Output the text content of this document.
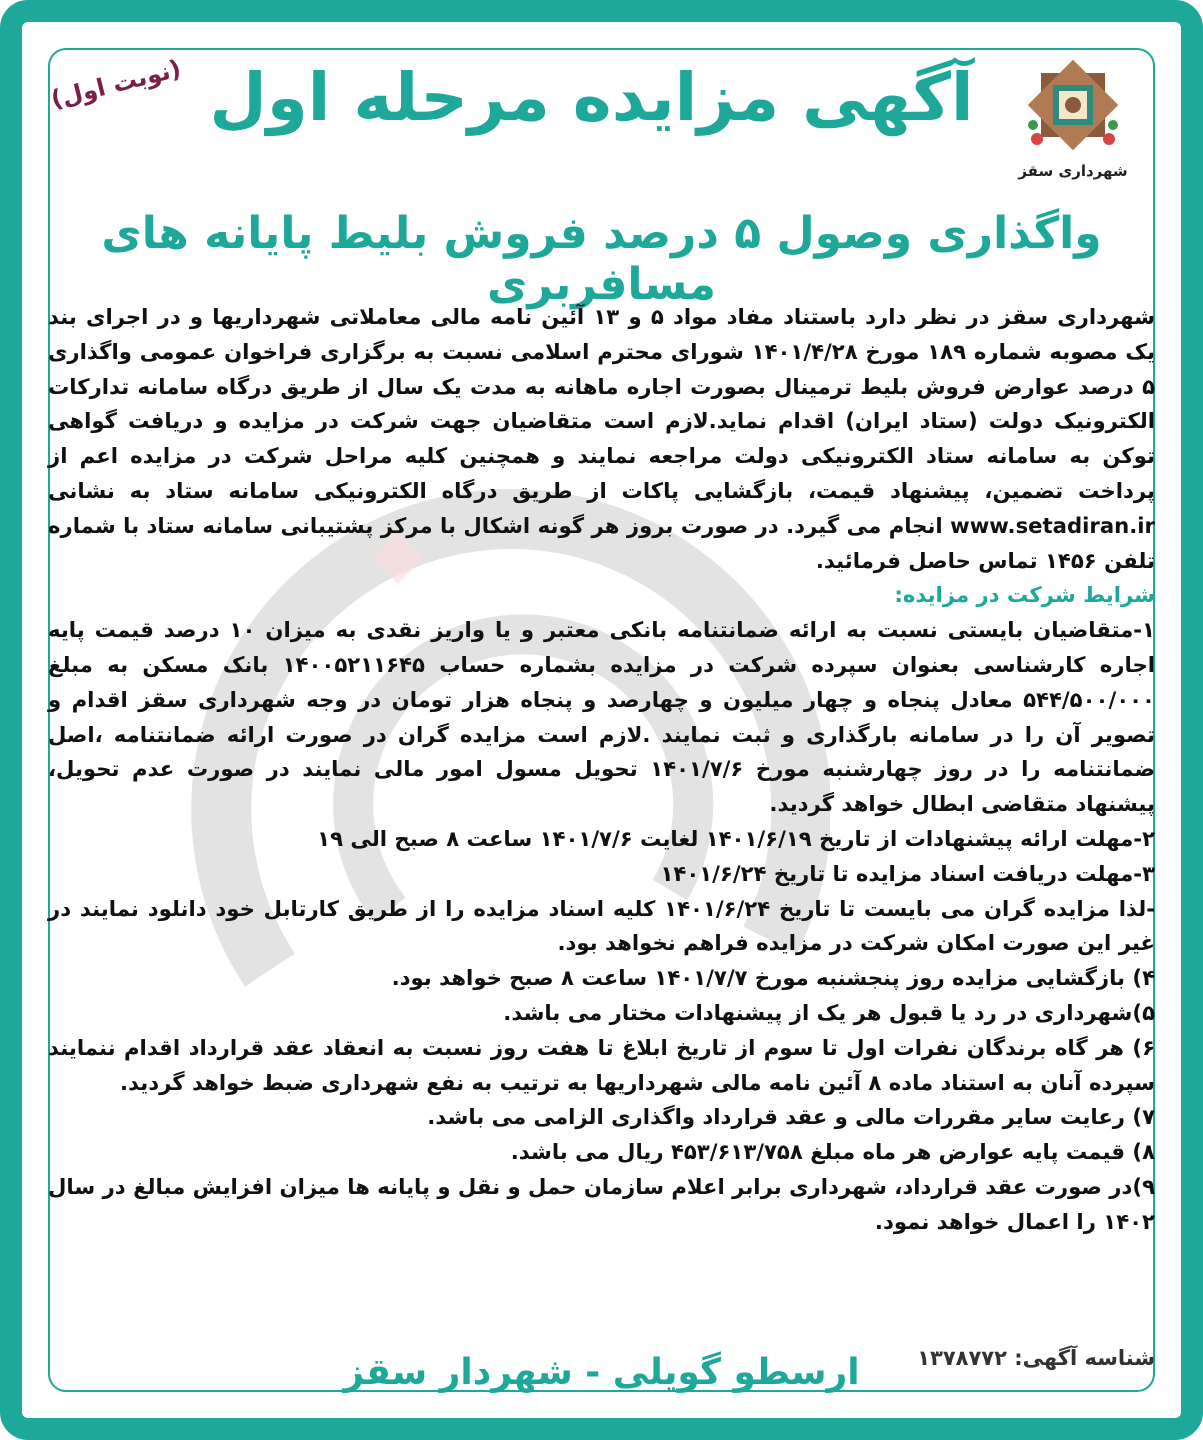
شهرداری سقز
(نوبت اول) آگهی مزایده مرحله اول
واگذاری وصول ۵ درصد فروش بلیط پایانه های مسافربری

شهرداری سقز در نظر دارد باستناد مفاد مواد ۵ و ۱۳ آئین نامه مالی معاملاتی شهرداریها و در اجرای بند یک مصوبه شماره ۱۸۹ مورخ ۱۴۰۱/۴/۲۸ شورای محترم اسلامی نسبت به برگزاری فراخوان عمومی واگذاری ۵ درصد عوارض فروش بلیط ترمینال بصورت اجاره ماهانه به مدت یک سال از طریق درگاه سامانه تدارکات الکترونیک دولت (ستاد ایران) اقدام نماید.لازم است متقاضیان جهت شرکت در مزایده و دریافت گواهی توکن به سامانه ستاد الکترونیکی دولت مراجعه نمایند و همچنین کلیه مراحل شرکت در مزایده اعم از پرداخت تضمین، پیشنهاد قیمت، بازگشایی پاکات از طریق درگاه الکترونیکی سامانه ستاد به نشانی www.setadiran.ir انجام می گیرد. در صورت بروز هر گونه اشکال با مرکز پشتیبانی سامانه ستاد با شماره تلفن ۱۴۵۶ تماس حاصل فرمائید.

شرایط شرکت در مزایده:

۱-متقاضیان بایستی نسبت به ارائه ضمانتنامه بانکی معتبر و یا واریز نقدی به میزان ۱۰ درصد قیمت پایه اجاره کارشناسی بعنوان سپرده شرکت در مزایده بشماره حساب ۱۴۰۰۵۲۱۱۶۴۵ بانک مسکن به مبلغ ۵۴۴/۵۰۰/۰۰۰ معادل پنجاه و چهار میلیون و چهارصد و پنجاه هزار تومان در وجه شهرداری سقز اقدام و تصویر آن را در سامانه بارگذاری و ثبت نمایند .لازم است مزایده گران در صورت ارائه ضمانتنامه ،اصل ضمانتنامه را در روز چهارشنبه مورخ ۱۴۰۱/۷/۶ تحویل مسول امور مالی نمایند در صورت عدم تحویل، پیشنهاد متقاضی ابطال خواهد گردید.

۲-مهلت ارائه پیشنهادات از تاریخ ۱۴۰۱/۶/۱۹ لغایت ۱۴۰۱/۷/۶ ساعت ۸ صبح الی ۱۹

۳-مهلت دریافت اسناد مزایده تا تاریخ ۱۴۰۱/۶/۲۴

-لذا مزایده گران می بایست تا تاریخ ۱۴۰۱/۶/۲۴ کلیه اسناد مزایده را از طریق کارتابل خود دانلود نمایند در غیر این صورت امکان شرکت در مزایده فراهم نخواهد بود.

۴) بازگشایی مزایده روز پنجشنبه مورخ ۱۴۰۱/۷/۷ ساعت ۸ صبح خواهد بود.

۵)شهرداری در رد یا قبول هر یک از پیشنهادات مختار می باشد.

۶) هر گاه برندگان نفرات اول تا سوم از تاریخ ابلاغ تا هفت روز نسبت به انعقاد عقد قرارداد اقدام ننمایند سپرده آنان به استناد ماده ۸ آئین نامه مالی شهرداریها به ترتیب به نفع شهرداری ضبط خواهد گردید.

۷) رعایت سایر مقررات مالی و عقد قرارداد واگذاری الزامی می باشد.

۸) قیمت پایه عوارض هر ماه مبلغ ۴۵۳/۶۱۳/۷۵۸ ریال می باشد.

۹)در صورت عقد قرارداد، شهرداری برابر اعلام سازمان حمل و نقل و پایانه ها میزان افزایش مبالغ در سال ۱۴۰۲ را اعمال خواهد نمود.

شناسه آگهی: ۱۳۷۸۷۷۲
ارسطو گویلی - شهردار سقز
